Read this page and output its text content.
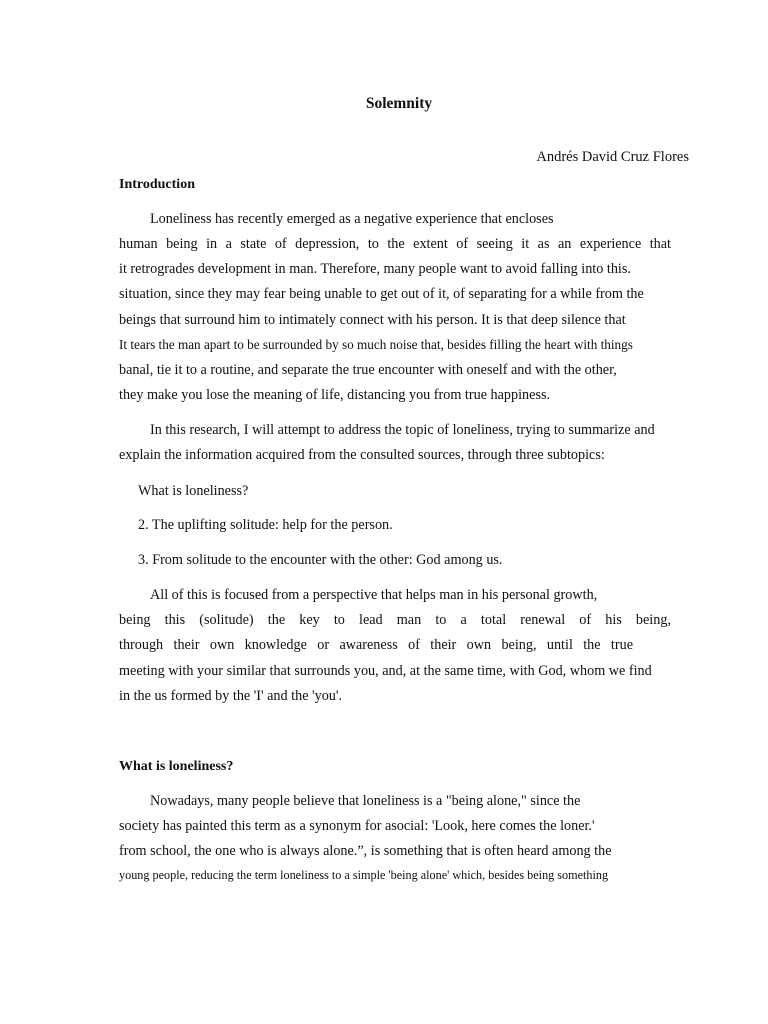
Solemnity
Andrés David Cruz Flores
Introduction
Loneliness has recently emerged as a negative experience that encloses
human being in a state of depression, to the extent of seeing it as an experience that
it retrogrades development in man. Therefore, many people want to avoid falling into this.
situation, since they may fear being unable to get out of it, of separating for a while from the
beings that surround him to intimately connect with his person. It is that deep silence that
It tears the man apart to be surrounded by so much noise that, besides filling the heart with things
banal, tie it to a routine, and separate the true encounter with oneself and with the other,
they make you lose the meaning of life, distancing you from true happiness.
In this research, I will attempt to address the topic of loneliness, trying to summarize and
explain the information acquired from the consulted sources, through three subtopics:
What is loneliness?
2. The uplifting solitude: help for the person.
3. From solitude to the encounter with the other: God among us.
All of this is focused from a perspective that helps man in his personal growth,
being this (solitude) the key to lead man to a total renewal of his being,
through their own knowledge or awareness of their own being, until the true
meeting with your similar that surrounds you, and, at the same time, with God, whom we find
in the us formed by the 'I' and the 'you'.
What is loneliness?
Nowadays, many people believe that loneliness is a "being alone," since the
society has painted this term as a synonym for asocial: 'Look, here comes the loner.'
from school, the one who is always alone.”, is something that is often heard among the
young people, reducing the term loneliness to a simple 'being alone' which, besides being something
